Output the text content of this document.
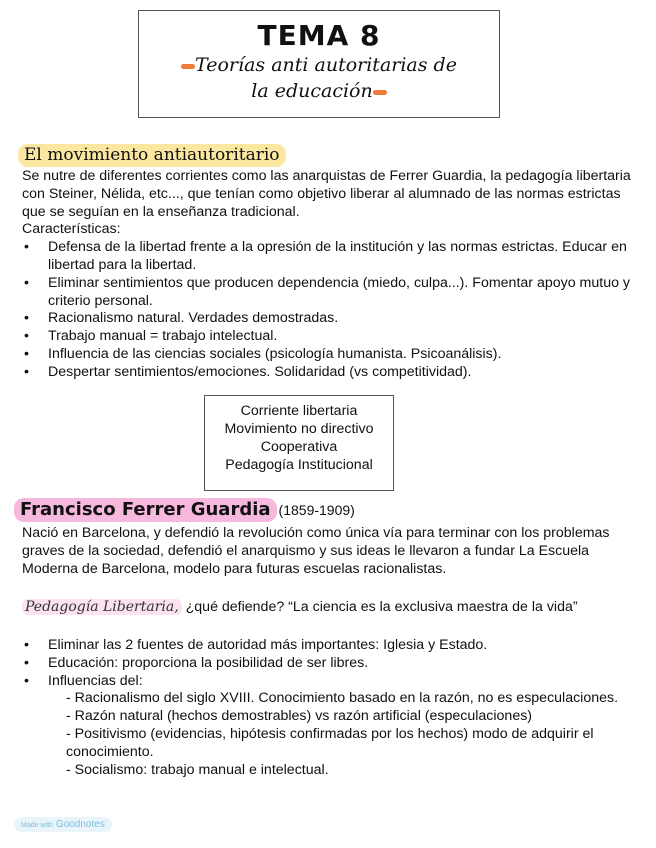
TEMA 8
Teorías anti autoritarias de
la educación
El movimiento antiautoritario
Se nutre de diferentes corrientes como las anarquistas de Ferrer Guardia, la pedagogía libertaria con Steiner, Nélida, etc..., que tenían como objetivo liberar al alumnado de las normas estrictas que se seguían en la enseñanza tradicional.
Características:
• Defensa de la libertad frente a la opresión de la institución y las normas estrictas. Educar en libertad para la libertad.
• Eliminar sentimientos que producen dependencia (miedo, culpa...). Fomentar apoyo mutuo y criterio personal.
• Racionalismo natural. Verdades demostradas.
• Trabajo manual = trabajo intelectual.
• Influencia de las ciencias sociales (psicología humanista. Psicoanálisis).
• Despertar sentimientos/emociones. Solidaridad (vs competitividad).
Corriente libertaria
Movimiento no directivo
Cooperativa
Pedagogía Institucional
Francisco Ferrer Guardia (1859-1909)
Nació en Barcelona, y defendió la revolución como única vía para terminar con los problemas graves de la sociedad, defendió el anarquismo y sus ideas le llevaron a fundar La Escuela Moderna de Barcelona, modelo para futuras escuelas racionalistas.
Pedagogía Libertaria, ¿qué defiende? “La ciencia es la exclusiva maestra de la vida”
• Eliminar las 2 fuentes de autoridad más importantes: Iglesia y Estado.
• Educación: proporciona la posibilidad de ser libres.
• Influencias del:
- Racionalismo del siglo XVIII. Conocimiento basado en la razón, no es especulaciones.
- Razón natural (hechos demostrables) vs razón artificial (especulaciones)
- Positivismo (evidencias, hipótesis confirmadas por los hechos) modo de adquirir el conocimiento.
- Socialismo: trabajo manual e intelectual.
Made with Goodnotes
